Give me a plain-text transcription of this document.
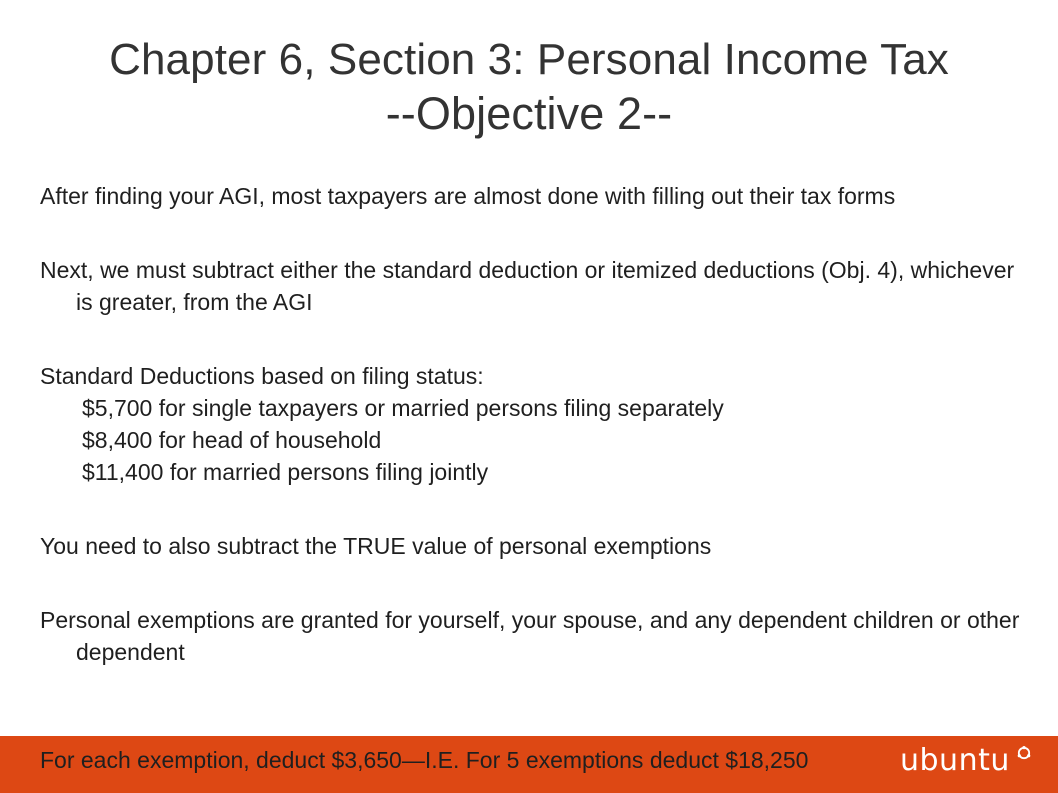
Chapter 6, Section 3: Personal Income Tax
--Objective 2--

After finding your AGI, most taxpayers are almost done with filling out their tax forms

Next, we must subtract either the standard deduction or itemized deductions (Obj. 4), whichever is greater, from the AGI

Standard Deductions based on filing status:

$5,700 for single taxpayers or married persons filing separately

$8,400 for head of household

$11,400 for married persons filing jointly

You need to also subtract the TRUE value of personal exemptions

Personal exemptions are granted for yourself, your spouse, and any dependent children or other dependent

For each exemption, deduct $3,650—I.E. For 5 exemptions deduct $18,250	ubuntu
